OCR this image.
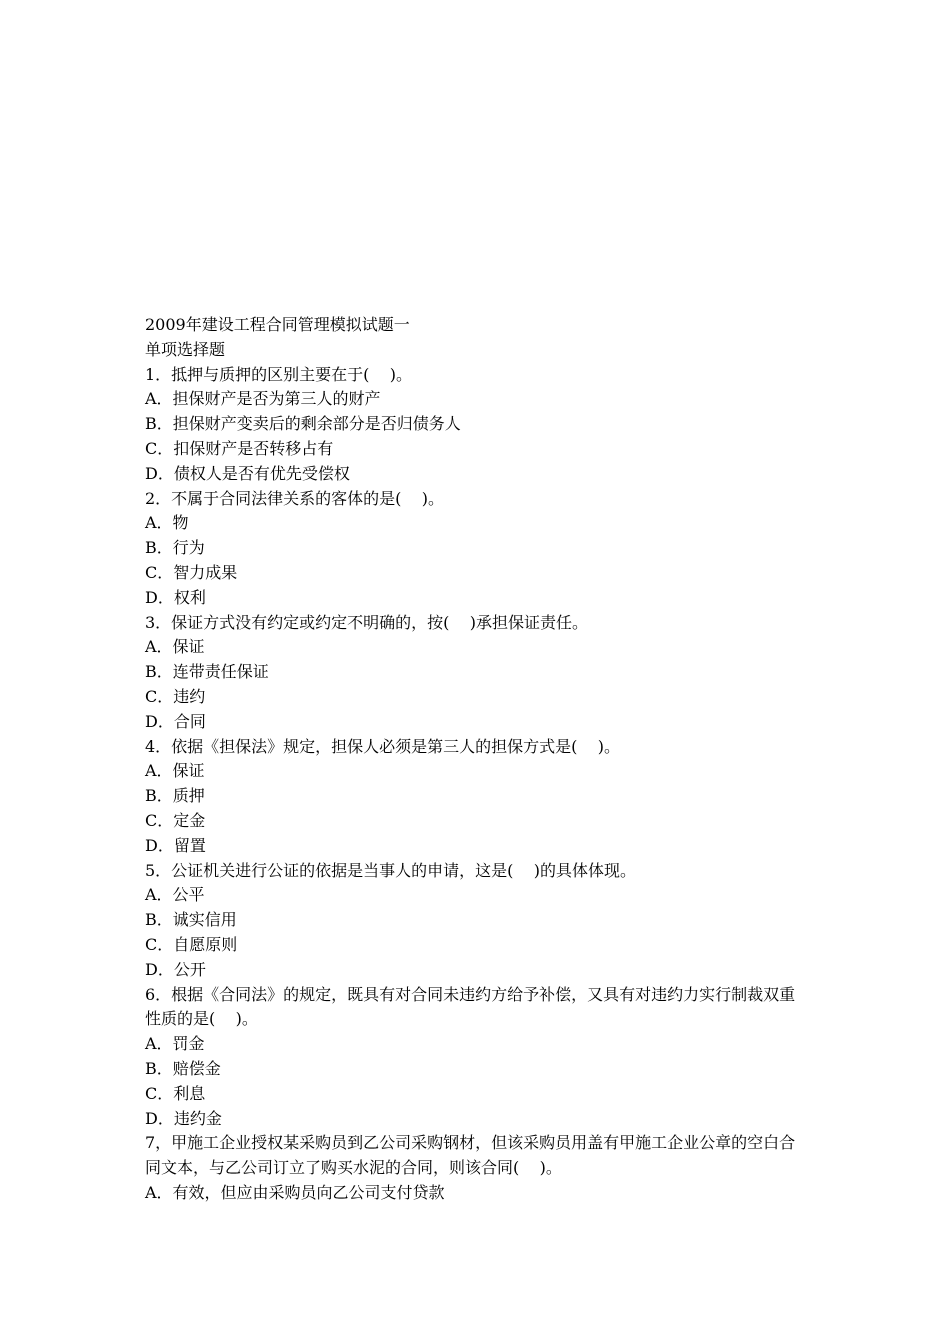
2009年建设工程合同管理模拟试题一

单项选择题

1．抵押与质押的区别主要在于(    )。

A．担保财产是否为第三人的财产

B．担保财产变卖后的剩余部分是否归债务人

C．扣保财产是否转移占有

D．债权人是否有优先受偿权

2．不属于合同法律关系的客体的是(    )。

A．物

B．行为

C．智力成果

D．权利

3．保证方式没有约定或约定不明确的，按(    )承担保证责任。

A．保证

B．连带责任保证

C．违约

D．合同

4．依据《担保法》规定，担保人必须是第三人的担保方式是(    )。

A．保证

B．质押

C．定金

D．留置

5．公证机关进行公证的依据是当事人的申请，这是(    )的具体体现。

A．公平

B．诚实信用

C．自愿原则

D．公开

6．根据《合同法》的规定，既具有对合同未违约方给予补偿，又具有对违约力实行制裁双重性质的是(    )。

A．罚金

B．赔偿金

C．利息

D．违约金

7，甲施工企业授权某采购员到乙公司采购钢材，但该采购员用盖有甲施工企业公章的空白合同文本，与乙公司订立了购买水泥的合同，则该合同(    )。

A．有效，但应由采购员向乙公司支付贷款
